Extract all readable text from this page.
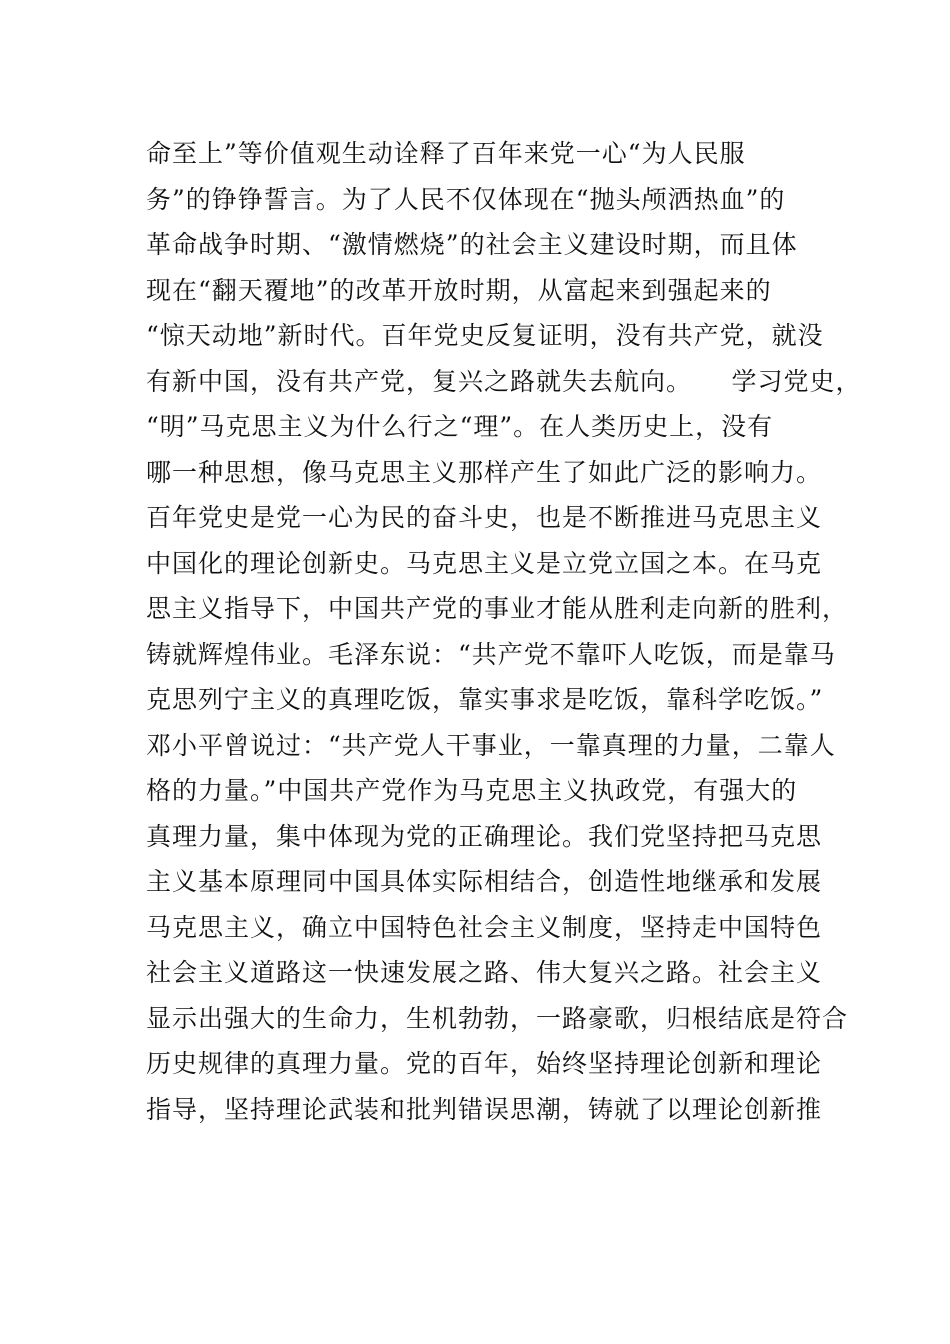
命至上”等价值观生动诠释了百年来党一心“为人民服
务”的铮铮誓言。为了人民不仅体现在“抛头颅洒热血”的
革命战争时期、“激情燃烧”的社会主义建设时期，而且体
现在“翻天覆地”的改革开放时期，从富起来到强起来的
“惊天动地”新时代。百年党史反复证明，没有共产党，就没
有新中国，没有共产党，复兴之路就失去航向。　　学习党史，
“明”马克思主义为什么行之“理”。在人类历史上，没有
哪一种思想，像马克思主义那样产生了如此广泛的影响力。
百年党史是党一心为民的奋斗史，也是不断推进马克思主义
中国化的理论创新史。马克思主义是立党立国之本。在马克
思主义指导下，中国共产党的事业才能从胜利走向新的胜利，
铸就辉煌伟业。毛泽东说：“共产党不靠吓人吃饭，而是靠马
克思列宁主义的真理吃饭，靠实事求是吃饭，靠科学吃饭。”
邓小平曾说过：“共产党人干事业，一靠真理的力量，二靠人
格的力量。”中国共产党作为马克思主义执政党，有强大的
真理力量，集中体现为党的正确理论。我们党坚持把马克思
主义基本原理同中国具体实际相结合，创造性地继承和发展
马克思主义，确立中国特色社会主义制度，坚持走中国特色
社会主义道路这一快速发展之路、伟大复兴之路。社会主义
显示出强大的生命力，生机勃勃，一路豪歌，归根结底是符合
历史规律的真理力量。党的百年，始终坚持理论创新和理论
指导，坚持理论武装和批判错误思潮，铸就了以理论创新推
